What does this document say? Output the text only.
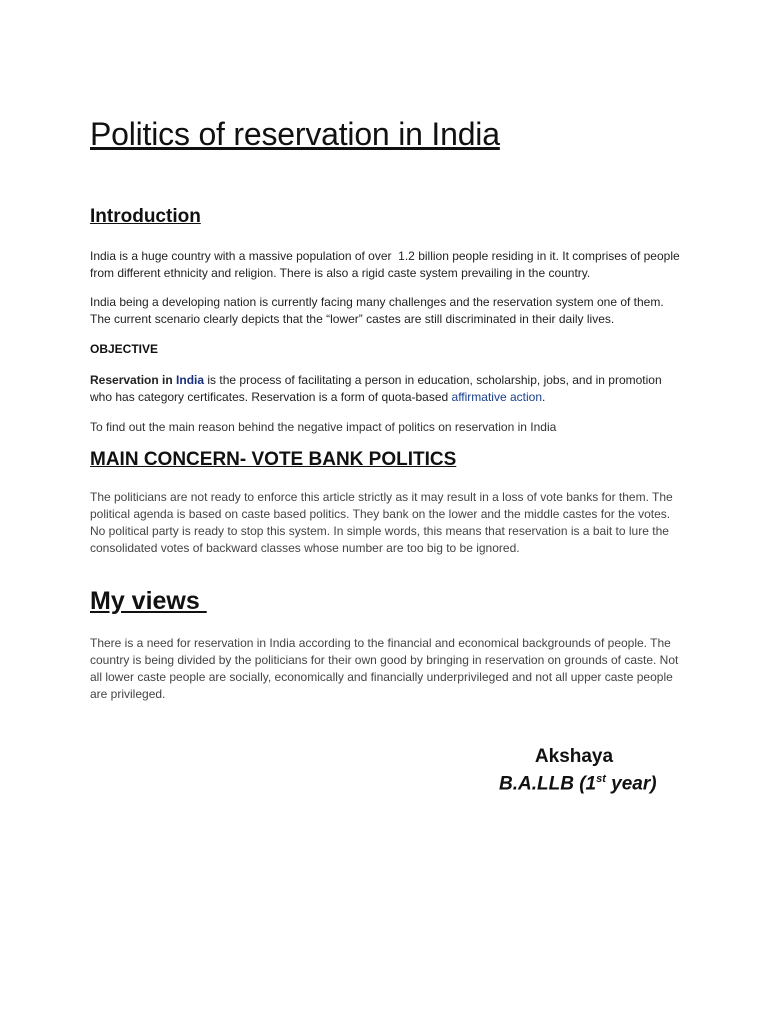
Politics of reservation in India
Introduction

India is a huge country with a massive population of over  1.2 billion people residing in it. It comprises of people from different ethnicity and religion. There is also a rigid caste system prevailing in the country.

India being a developing nation is currently facing many challenges and the reservation system one of them. The current scenario clearly depicts that the “lower” castes are still discriminated in their daily lives.

OBJECTIVE

Reservation in India is the process of facilitating a person in education, scholarship, jobs, and in promotion who has category certificates. Reservation is a form of quota-based affirmative action.

To find out the main reason behind the negative impact of politics on reservation in India

MAIN CONCERN- VOTE BANK POLITICS

The politicians are not ready to enforce this article strictly as it may result in a loss of vote banks for them. The political agenda is based on caste based politics. They bank on the lower and the middle castes for the votes. No political party is ready to stop this system. In simple words, this means that reservation is a bait to lure the consolidated votes of backward classes whose number are too big to be ignored.

My views

There is a need for reservation in India according to the financial and economical backgrounds of people. The country is being divided by the politicians for their own good by bringing in reservation on grounds of caste. Not all lower caste people are socially, economically and financially underprivileged and not all upper caste people are privileged.

Akshaya

B.A.LLB (1st year)
